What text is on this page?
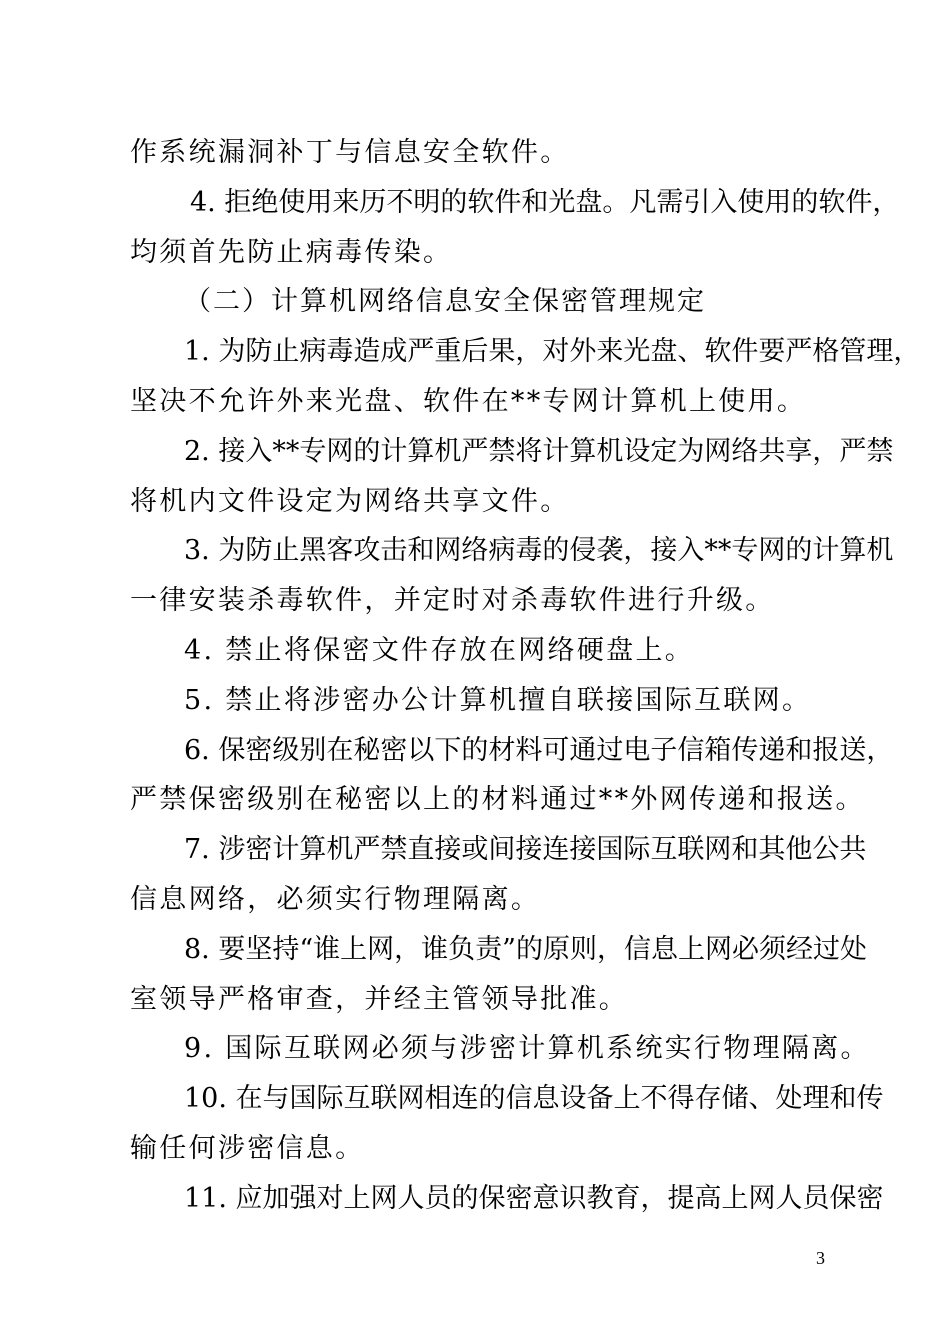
作系统漏洞补丁与信息安全软件。
4. 拒绝使用来历不明的软件和光盘。凡需引入使用的软件，
均须首先防止病毒传染。
（二）计算机网络信息安全保密管理规定
1. 为防止病毒造成严重后果，对外来光盘、软件要严格管理，
坚决不允许外来光盘、软件在**专网计算机上使用。
2. 接入**专网的计算机严禁将计算机设定为网络共享，严禁
将机内文件设定为网络共享文件。
3. 为防止黑客攻击和网络病毒的侵袭，接入**专网的计算机
一律安装杀毒软件，并定时对杀毒软件进行升级。
4. 禁止将保密文件存放在网络硬盘上。
5. 禁止将涉密办公计算机擅自联接国际互联网。
6. 保密级别在秘密以下的材料可通过电子信箱传递和报送，
严禁保密级别在秘密以上的材料通过**外网传递和报送。
7. 涉密计算机严禁直接或间接连接国际互联网和其他公共
信息网络，必须实行物理隔离。
8. 要坚持“谁上网，谁负责”的原则，信息上网必须经过处
室领导严格审查，并经主管领导批准。
9. 国际互联网必须与涉密计算机系统实行物理隔离。
10. 在与国际互联网相连的信息设备上不得存储、处理和传
输任何涉密信息。
11. 应加强对上网人员的保密意识教育，提高上网人员保密
3
